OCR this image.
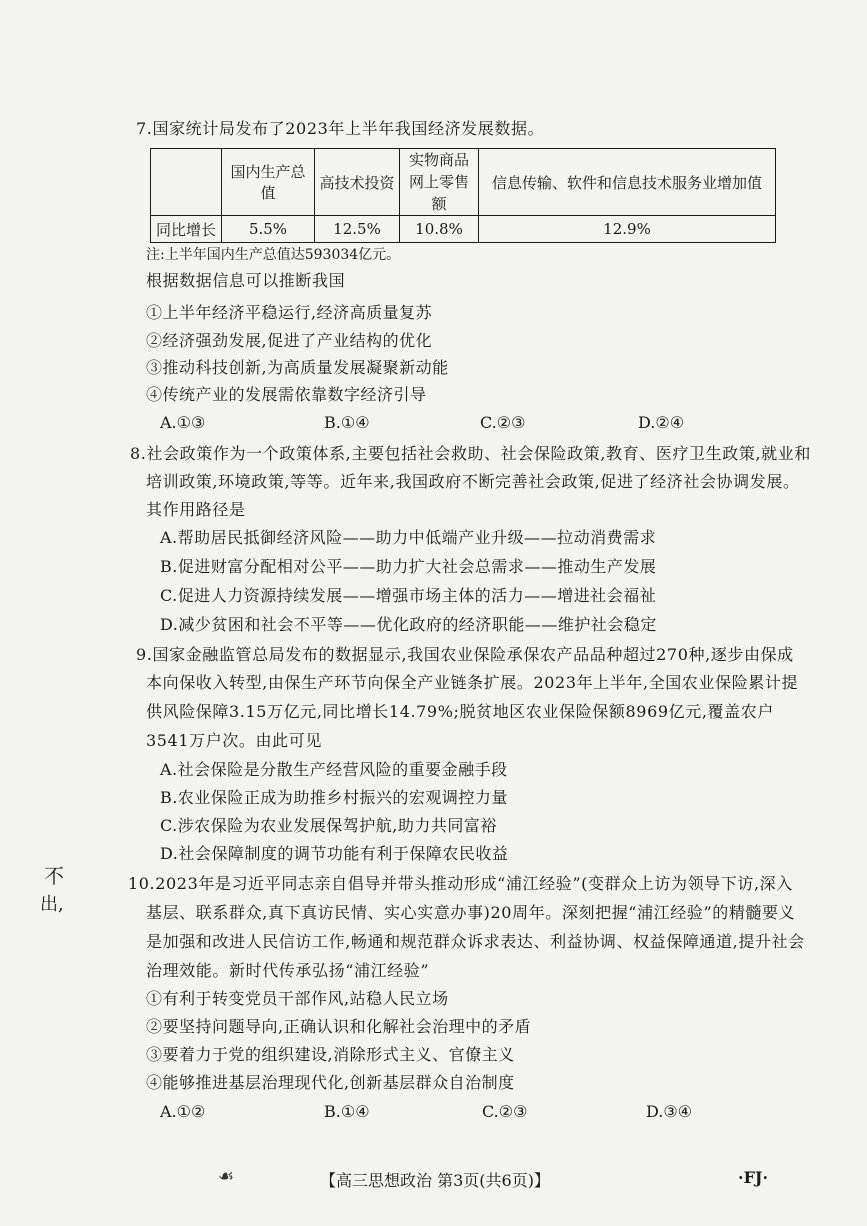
7.国家统计局发布了2023年上半年我国经济发展数据。
	国内生产总值	高技术投资	实物商品网上零售额	信息传输、软件和信息技术服务业增加值
同比增长	5.5%	12.5%	10.8%	12.9%
注:上半年国内生产总值达593034亿元。
根据数据信息可以推断我国
①上半年经济平稳运行,经济高质量复苏
②经济强劲发展,促进了产业结构的优化
③推动科技创新,为高质量发展凝聚新动能
④传统产业的发展需依靠数字经济引导
A.①③	B.①④	C.②③	D.②④
8.社会政策作为一个政策体系,主要包括社会救助、社会保险政策,教育、医疗卫生政策,就业和
培训政策,环境政策,等等。近年来,我国政府不断完善社会政策,促进了经济社会协调发展。
其作用路径是
A.帮助居民抵御经济风险——助力中低端产业升级——拉动消费需求
B.促进财富分配相对公平——助力扩大社会总需求——推动生产发展
C.促进人力资源持续发展——增强市场主体的活力——增进社会福祉
D.减少贫困和社会不平等——优化政府的经济职能——维护社会稳定
9.国家金融监管总局发布的数据显示,我国农业保险承保农产品品种超过270种,逐步由保成
本向保收入转型,由保生产环节向保全产业链条扩展。2023年上半年,全国农业保险累计提
供风险保障3.15万亿元,同比增长14.79%;脱贫地区农业保险保额8969亿元,覆盖农户
3541万户次。由此可见
A.社会保险是分散生产经营风险的重要金融手段
B.农业保险正成为助推乡村振兴的宏观调控力量
C.涉农保险为农业发展保驾护航,助力共同富裕
D.社会保障制度的调节功能有利于保障农民收益
不
出,
10.2023年是习近平同志亲自倡导并带头推动形成“浦江经验”(变群众上访为领导下访,深入
基层、联系群众,真下真访民情、实心实意办事)20周年。深刻把握“浦江经验”的精髓要义
是加强和改进人民信访工作,畅通和规范群众诉求表达、利益协调、权益保障通道,提升社会
治理效能。新时代传承弘扬“浦江经验”
①有利于转变党员干部作风,站稳人民立场
②要坚持问题导向,正确认识和化解社会治理中的矛盾
③要着力于党的组织建设,消除形式主义、官僚主义
④能够推进基层治理现代化,创新基层群众自治制度
A.①②	B.①④	C.②③	D.③④
☙	【高三思想政治 第3页(共6页)】	·FJ·
